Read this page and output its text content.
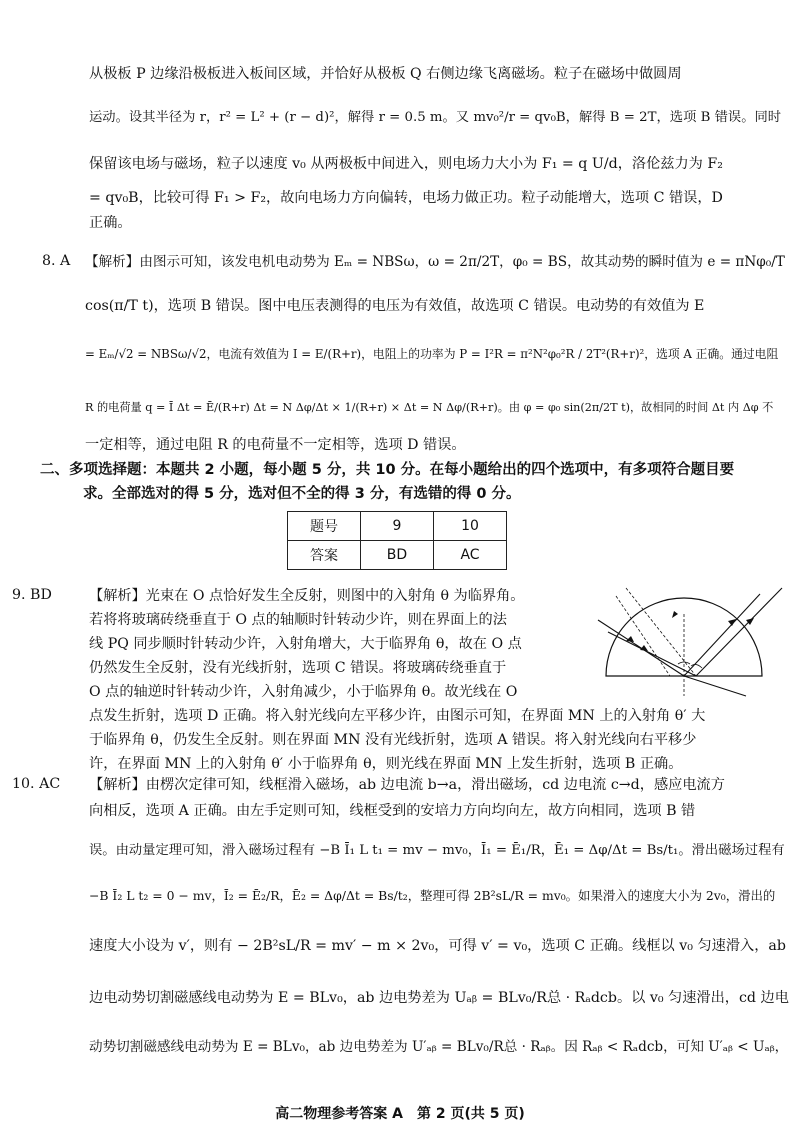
从极板 P 边缘沿极板进入板间区域，并恰好从极板 Q 右侧边缘飞离磁场。粒子在磁场中做圆周
运动。设其半径为 r，r² = L² + (r − d)²，解得 r = 0.5 m。又 mv₀²/r = qv₀B，解得 B = 2T，选项 B 错误。同时
保留该电场与磁场，粒子以速度 v₀ 从两极板中间进入，则电场力大小为 F₁ = q U/d，洛伦兹力为 F₂
= qv₀B，比较可得 F₁ > F₂，故向电场力方向偏转，电场力做正功。粒子动能增大，选项 C 错误，D
正确。
8. A 【解析】由图示可知，该发电机电动势为 Eₘ = NBSω，ω = 2π/2T，φ₀ = BS，故其动势的瞬时值为 e = πNφ₀/T
cos(π/T t)，选项 B 错误。图中电压表测得的电压为有效值，故选项 C 错误。电动势的有效值为 E
= Eₘ/√2 = NBSω/√2，电流有效值为 I = E/(R+r)，电阻上的功率为 P = I²R = π²N²φ₀²R / 2T²(R+r)²，选项 A 正确。通过电阻
R 的电荷量 q = Ī Δt = Ē/(R+r) Δt = N Δφ/Δt × 1/(R+r) × Δt = N Δφ/(R+r)。由 φ = φ₀ sin(2π/2T t)，故相同的时间 Δt 内 Δφ 不
一定相等，通过电阻 R 的电荷量不一定相等，选项 D 错误。
二、多项选择题：本题共 2 小题，每小题 5 分，共 10 分。在每小题给出的四个选项中，有多项符合题目要
求。全部选对的得 5 分，选对但不全的得 3 分，有选错的得 0 分。
题号	9	10
答案	BD	AC
9. BD	【解析】光束在 O 点恰好发生全反射，则图中的入射角 θ 为临界角。
若将将玻璃砖绕垂直于 O 点的轴顺时针转动少许，则在界面上的法
线 PQ 同步顺时针转动少许，入射角增大，大于临界角 θ，故在 O 点
仍然发生全反射，没有光线折射，选项 C 错误。将玻璃砖绕垂直于
O 点的轴逆时针转动少许，入射角减少，小于临界角 θ。故光线在 O
点发生折射，选项 D 正确。将入射光线向左平移少许，由图示可知，在界面 MN 上的入射角 θ′ 大
于临界角 θ，仍发生全反射。则在界面 MN 没有光线折射，选项 A 错误。将入射光线向右平移少
许，在界面 MN 上的入射角 θ′ 小于临界角 θ，则光线在界面 MN 上发生折射，选项 B 正确。
10. AC 【解析】由楞次定律可知，线框滑入磁场，ab 边电流 b→a，滑出磁场，cd 边电流 c→d，感应电流方
向相反，选项 A 正确。由左手定则可知，线框受到的安培力方向均向左，故方向相同，选项 B 错
误。由动量定理可知，滑入磁场过程有 −B Ī₁ L t₁ = mv − mv₀，Ī₁ = Ē₁/R，Ē₁ = Δφ/Δt = Bs/t₁。滑出磁场过程有
−B Ī₂ L t₂ = 0 − mv，Ī₂ = Ē₂/R，Ē₂ = Δφ/Δt = Bs/t₂，整理可得 2B²sL/R = mv₀。如果滑入的速度大小为 2v₀，滑出的
速度大小设为 v′，则有 − 2B²sL/R = mv′ − m × 2v₀，可得 v′ = v₀，选项 C 正确。线框以 v₀ 匀速滑入，ab
边电动势切割磁感线电动势为 E = BLv₀，ab 边电势差为 Uₐᵦ = BLv₀/R总 · Rₐdcb。以 v₀ 匀速滑出，cd 边电
动势切割磁感线电动势为 E = BLv₀，ab 边电势差为 U′ₐᵦ = BLv₀/R总 · Rₐᵦ。因 Rₐᵦ < Rₐdcb，可知 U′ₐᵦ < Uₐᵦ，
高二物理参考答案 A　第 2 页(共 5 页)
